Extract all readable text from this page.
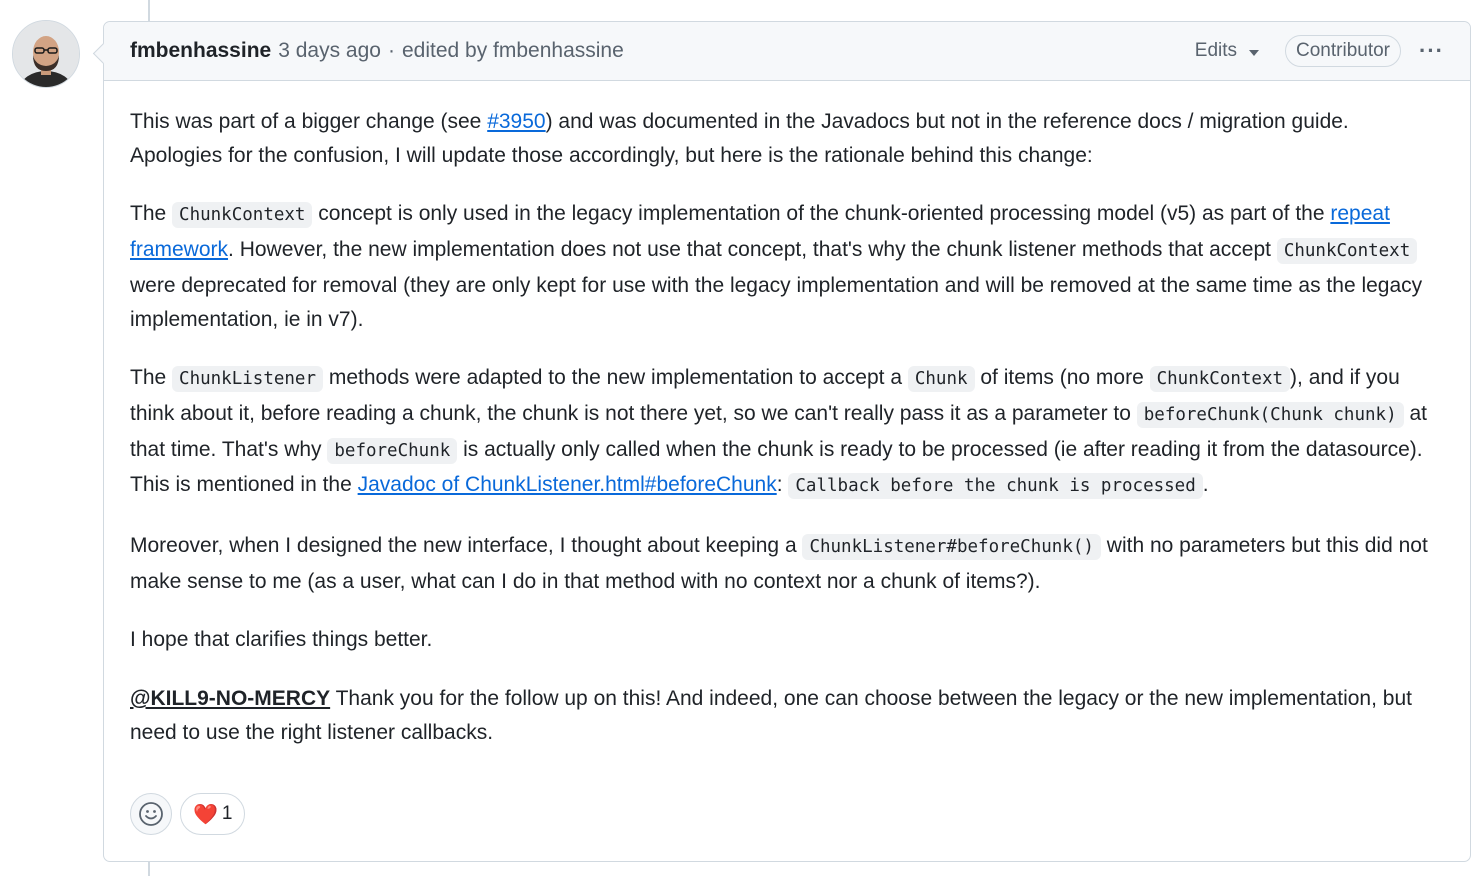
fmbenhassine 3 days ago · edited by fmbenhassine	Edits	Contributor	···

This was part of a bigger change (see #3950) and was documented in the Javadocs but not in the reference docs / migration guide. Apologies for the confusion, I will update those accordingly, but here is the rationale behind this change:

The ChunkContext concept is only used in the legacy implementation of the chunk-oriented processing model (v5) as part of the repeat framework. However, the new implementation does not use that concept, that's why the chunk listener methods that accept ChunkContext were deprecated for removal (they are only kept for use with the legacy implementation and will be removed at the same time as the legacy implementation, ie in v7).

The ChunkListener methods were adapted to the new implementation to accept a Chunk of items (no more ChunkContext ), and if you think about it, before reading a chunk, the chunk is not there yet, so we can't really pass it as a parameter to beforeChunk(Chunk chunk) at that time. That's why beforeChunk is actually only called when the chunk is ready to be processed (ie after reading it from the datasource). This is mentioned in the Javadoc of ChunkListener.html#beforeChunk: Callback before the chunk is processed .

Moreover, when I designed the new interface, I thought about keeping a ChunkListener#beforeChunk() with no parameters but this did not make sense to me (as a user, what can I do in that method with no context nor a chunk of items?).

I hope that clarifies things better.

@KILL9-NO-MERCY Thank you for the follow up on this! And indeed, one can choose between the legacy or the new implementation, but need to use the right listener callbacks.

❤️ 1
